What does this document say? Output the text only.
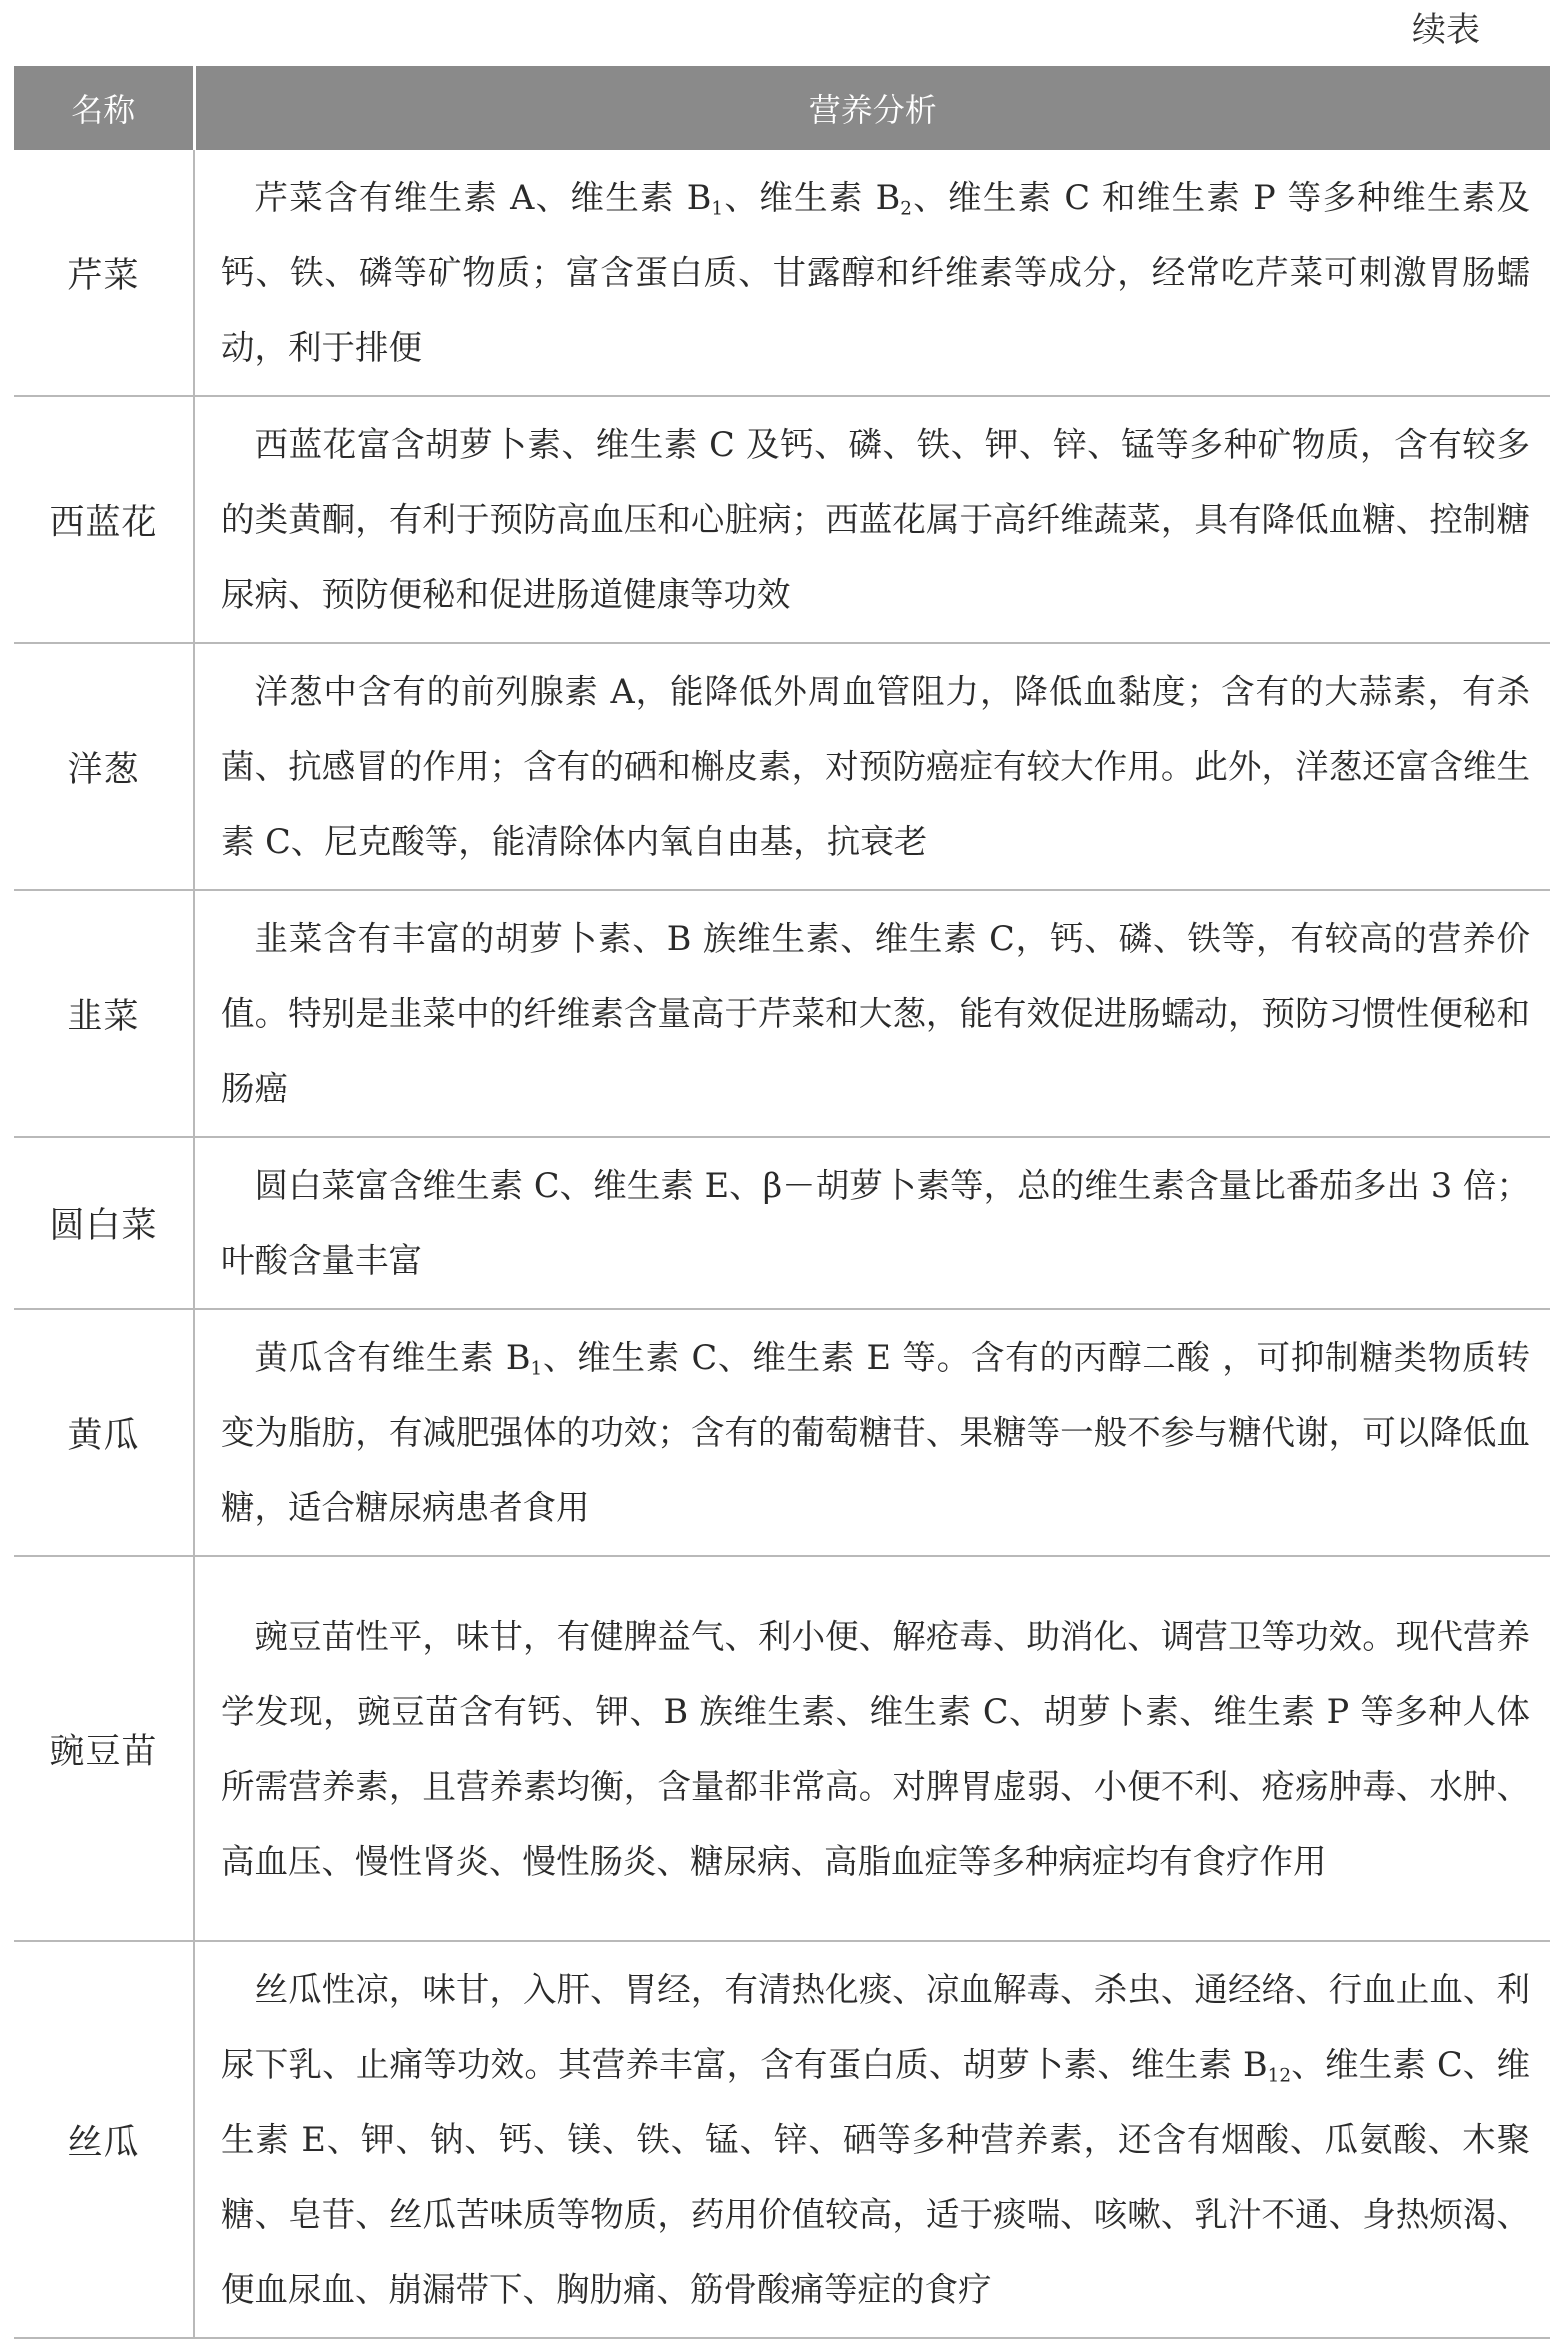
续表
名称	营养分析
芹菜	芹菜含有维生素 A、维生素 $B_1$、维生素 $B_2$、维生素 C 和维生素 P 等多种维生素及钙、铁、磷等矿物质；富含蛋白质、甘露醇和纤维素等成分，经常吃芹菜可刺激胃肠蠕动，利于排便
西蓝花	西蓝花富含胡萝卜素、维生素 C 及钙、磷、铁、钾、锌、锰等多种矿物质，含有较多的类黄酮，有利于预防高血压和心脏病；西蓝花属于高纤维蔬菜，具有降低血糖、控制糖尿病、预防便秘和促进肠道健康等功效
洋葱	洋葱中含有的前列腺素 A，能降低外周血管阻力，降低血黏度；含有的大蒜素，有杀菌、抗感冒的作用；含有的硒和槲皮素，对预防癌症有较大作用。此外，洋葱还富含维生素 C、尼克酸等，能清除体内氧自由基，抗衰老
韭菜	韭菜含有丰富的胡萝卜素、B 族维生素、维生素 C，钙、磷、铁等，有较高的营养价值。特别是韭菜中的纤维素含量高于芹菜和大葱，能有效促进肠蠕动，预防习惯性便秘和肠癌
圆白菜	圆白菜富含维生素 C、维生素 E、β－胡萝卜素等，总的维生素含量比番茄多出 3 倍；叶酸含量丰富
黄瓜	黄瓜含有维生素 $B_1$、维生素 C、维生素 E 等。含有的丙醇二酸 ，可抑制糖类物质转变为脂肪，有减肥强体的功效；含有的葡萄糖苷、果糖等一般不参与糖代谢，可以降低血糖，适合糖尿病患者食用
豌豆苗	豌豆苗性平，味甘，有健脾益气、利小便、解疮毒、助消化、调营卫等功效。现代营养学发现，豌豆苗含有钙、钾、B 族维生素、维生素 C、胡萝卜素、维生素 P 等多种人体所需营养素，且营养素均衡，含量都非常高。对脾胃虚弱、小便不利、疮疡肿毒、水肿、高血压、慢性肾炎、慢性肠炎、糖尿病、高脂血症等多种病症均有食疗作用
丝瓜	丝瓜性凉，味甘，入肝、胃经，有清热化痰、凉血解毒、杀虫、通经络、行血止血、利尿下乳、止痛等功效。其营养丰富，含有蛋白质、胡萝卜素、维生素 $B_{12}$、维生素 C、维生素 E、钾、钠、钙、镁、铁、锰、锌、硒等多种营养素，还含有烟酸、瓜氨酸、木聚糖、皂苷、丝瓜苦味质等物质，药用价值较高，适于痰喘、咳嗽、乳汁不通、身热烦渴、便血尿血、崩漏带下、胸肋痛、筋骨酸痛等症的食疗
